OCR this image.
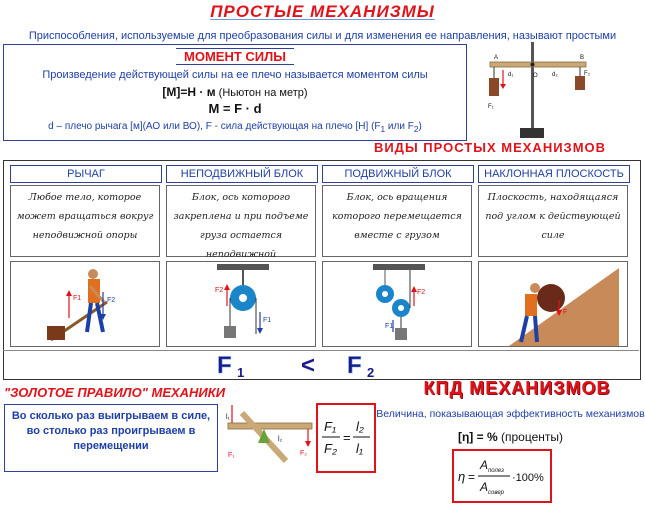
ПРОСТЫЕ МЕХАНИЗМЫ
Приспособления, используемые для преобразования силы и для изменения ее направления, называют простыми
МОМЕНТ СИЛЫ
Произведение действующей силы на ее плечо называется моментом силы
[M]=Н · м (Ньютон на метр)
M = F · d
d – плечо рычага [м](АО или ВО), F - сила действующая на плечо [Н] ($F_1$ или $F_2$)
A
O
B
d₁	d₂
F₁
F₂
ВИДЫ ПРОСТЫХ МЕХАНИЗМОВ
РЫЧАГ
Любое тело, которое может вращаться вокруг неподвижной опоры
F1	F2
НЕПОДВИЖНЫЙ БЛОК
Блок, ось которого закреплена и при подъеме груза остается неподвижной
F2
F1
ПОДВИЖНЫЙ БЛОК
Блок, ось вращения которого перемещается вместе с грузом
F2
F1
НАКЛОННАЯ ПЛОСКОСТЬ
Плоскость, находящаяся под углом к действующей силе
F
F 1 < F 2
"ЗОЛОТОЕ ПРАВИЛО" МЕХАНИКИ
Во сколько раз выигрываем в силе, во столько раз проигрываем в перемещении
l₁
l₂
F₁	F₂
F₁
F₂
=
l₂
l₁
КПД МЕХАНИЗМОВ
Величина, показывающая эффективность механизмов
[η] = % (проценты)
η =
A полез
A совер
·100%
